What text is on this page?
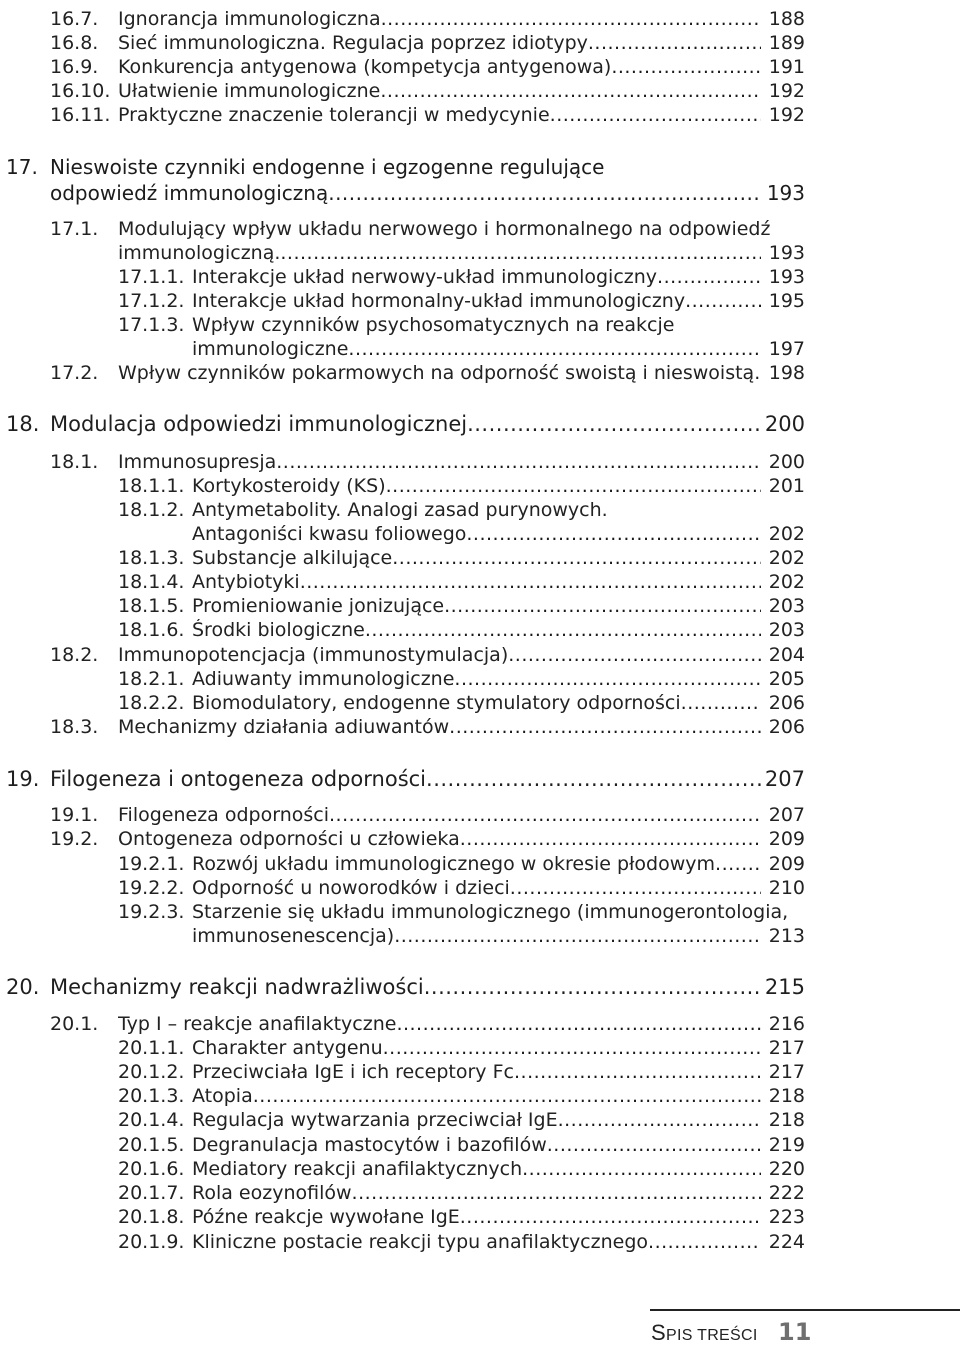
16.7. Ignorancja immunologiczna .....	188
16.8. Sieć immunologiczna. Regulacja poprzez idiotypy .....	189
16.9. Konkurencja antygenowa (kompetycja antygenowa) .....	191
16.10. Ułatwienie immunologiczne .....	192
16.11. Praktyczne znaczenie tolerancji w medycynie .....	192
17. Nieswoiste czynniki endogenne i egzogenne regulujące
odpowiedź immunologiczną .....	193
17.1. Modulujący wpływ układu nerwowego i hormonalnego na odpowiedź
immunologiczną. .....	193
17.1.1. Interakcje układ nerwowy-układ immunologiczny .....	193
17.1.2. Interakcje układ hormonalny-układ immunologiczny .....	195
17.1.3. Wpływ czynników psychosomatycznych na reakcje
immunologiczne .....	197
17.2. Wpływ czynników pokarmowych na odporność swoistą i nieswoistą ..... 198
18. Modulacja odpowiedzi immunologicznej .....	200
18.1. Immunosupresja .....	200
18.1.1. Kortykosteroidy (KS) .....	201
18.1.2. Antymetabolity. Analogi zasad purynowych.
Antagoniści kwasu foliowego .....	202
18.1.3. Substancje alkilujące .....	202
18.1.4. Antybiotyki .....	202
18.1.5. Promieniowanie jonizujące .....	203
18.1.6. Środki biologiczne .....	203
18.2. Immunopotencjacja (immunostymulacja) .....	204
18.2.1. Adiuwanty immunologiczne .....	205
18.2.2. Biomodulatory, endogenne stymulatory odporności .....	206
18.3. Mechanizmy działania adiuwantów .....	206
19. Filogeneza i ontogeneza odporności .....	207
19.1. Filogeneza odporności .....	207
19.2. Ontogeneza odporności u człowieka .....	209
19.2.1. Rozwój układu immunologicznego w okresie płodowym .....	209
19.2.2. Odporność u noworodków i dzieci .....	210
19.2.3. Starzenie się układu immunologicznego (immunogerontologia,
immunosenescencja) .....	213
20. Mechanizmy reakcji nadwrażliwości .....	215
20.1. Typ I – reakcje anafilaktyczne .....	216
20.1.1. Charakter antygenu .....	217
20.1.2. Przeciwciała IgE i ich receptory Fc .....	217
20.1.3. Atopia .....	218
20.1.4. Regulacja wytwarzania przeciwciał IgE .....	218
20.1.5. Degranulacja mastocytów i bazofilów .....	219
20.1.6. Mediatory reakcji anafilaktycznych .....	220
20.1.7. Rola eozynofilów .....	222
20.1.8. Późne reakcje wywołane IgE .....	223
20.1.9. Kliniczne postacie reakcji typu anafilaktycznego .....	224
SPIS TREŚCI 11
